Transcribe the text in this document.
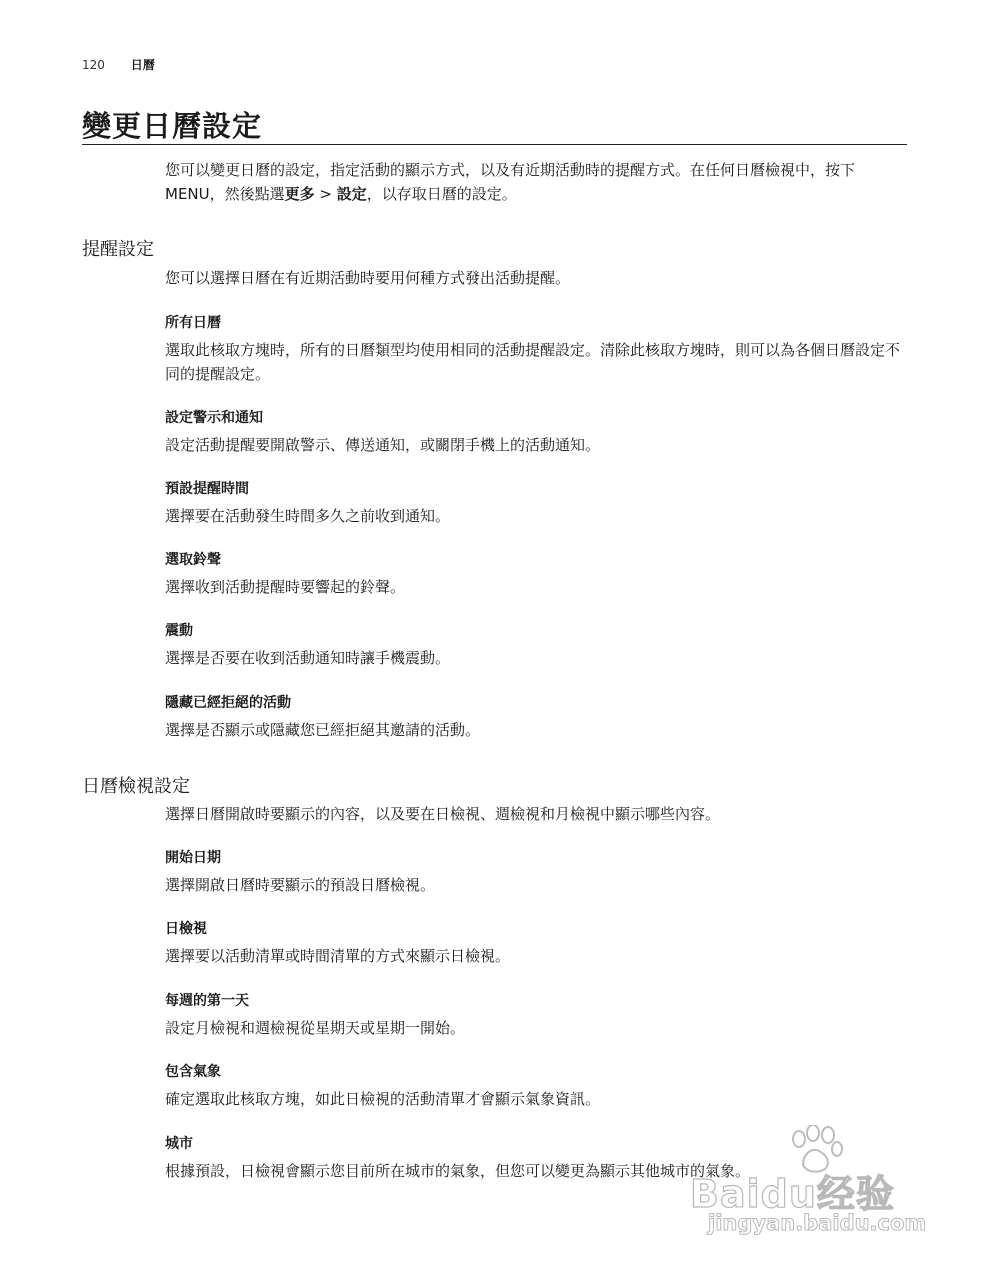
120 日曆
變更日曆設定
您可以變更日曆的設定，指定活動的顯示方式，以及有近期活動時的提醒方式。在任何日曆檢視中，按下 MENU，然後點選更多 > 設定，以存取日曆的設定。
提醒設定
您可以選擇日曆在有近期活動時要用何種方式發出活動提醒。
所有日曆
選取此核取方塊時，所有的日曆類型均使用相同的活動提醒設定。清除此核取方塊時，則可以為各個日曆設定不同的提醒設定。
設定警示和通知
設定活動提醒要開啟警示、傳送通知，或關閉手機上的活動通知。
預設提醒時間
選擇要在活動發生時間多久之前收到通知。
選取鈴聲
選擇收到活動提醒時要響起的鈴聲。
震動
選擇是否要在收到活動通知時讓手機震動。
隱藏已經拒絕的活動
選擇是否顯示或隱藏您已經拒絕其邀請的活動。
日曆檢視設定
選擇日曆開啟時要顯示的內容，以及要在日檢視、週檢視和月檢視中顯示哪些內容。
開始日期
選擇開啟日曆時要顯示的預設日曆檢視。
日檢視
選擇要以活動清單或時間清單的方式來顯示日檢視。
每週的第一天
設定月檢視和週檢視從星期天或星期一開始。
包含氣象
確定選取此核取方塊，如此日檢視的活動清單才會顯示氣象資訊。
城市
根據預設，日檢視會顯示您目前所在城市的氣象，但您可以變更為顯示其他城市的氣象。
Baidu经验
jingyan.baidu.com
